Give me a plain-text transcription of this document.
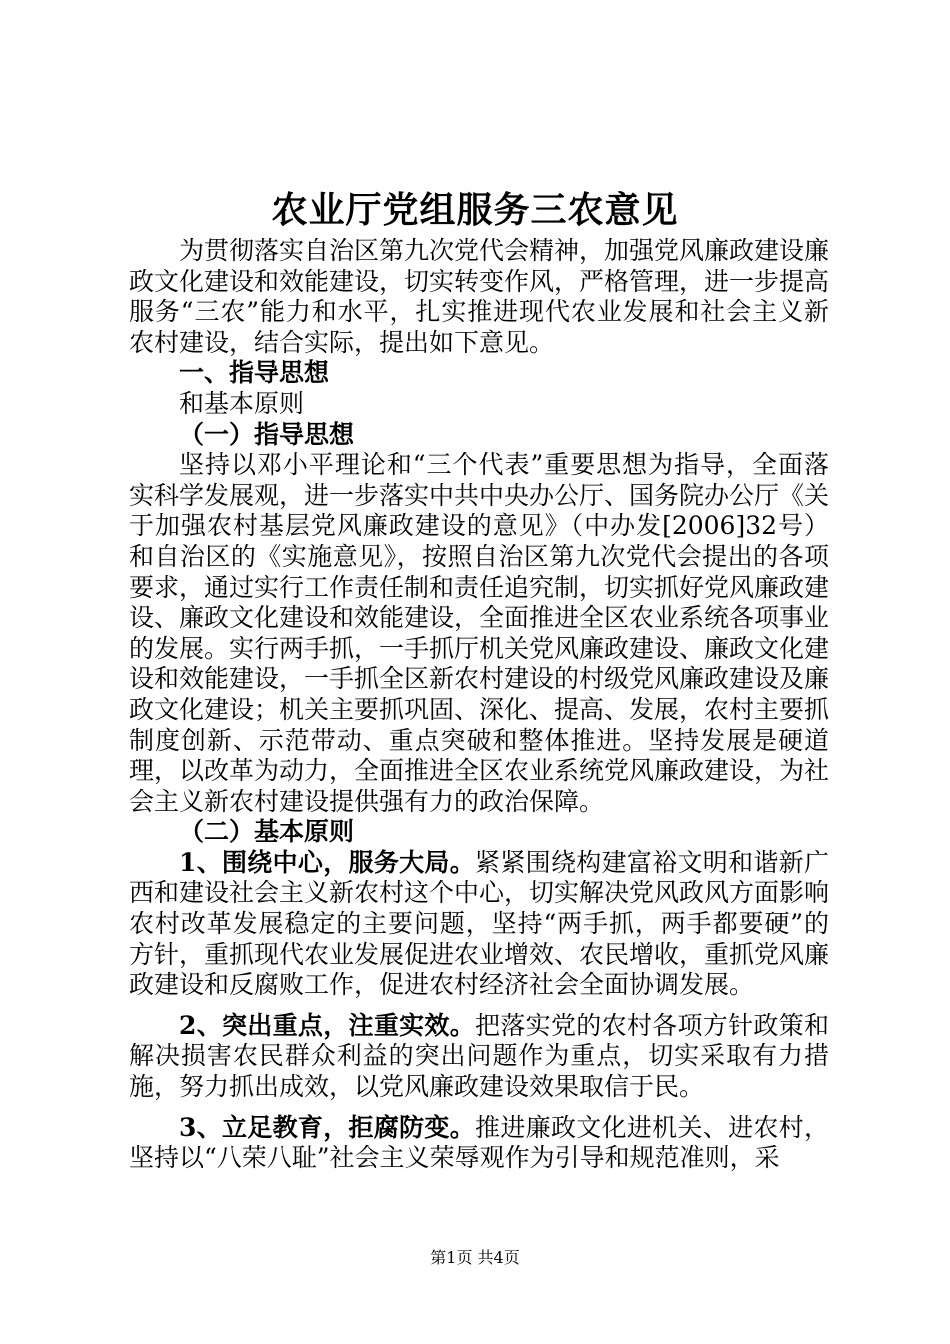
农业厅党组服务三农意见

为贯彻落实自治区第九次党代会精神，加强党风廉政建设廉政文化建设和效能建设，切实转变作风，严格管理，进一步提高服务“三农”能力和水平，扎实推进现代农业发展和社会主义新农村建设，结合实际，提出如下意见。

一、指导思想

和基本原则

（一）指导思想

坚持以邓小平理论和“三个代表”重要思想为指导，全面落实科学发展观，进一步落实中共中央办公厅、国务院办公厅《关于加强农村基层党风廉政建设的意见》（中办发[2006]32号）和自治区的《实施意见》，按照自治区第九次党代会提出的各项要求，通过实行工作责任制和责任追究制，切实抓好党风廉政建设、廉政文化建设和效能建设，全面推进全区农业系统各项事业的发展。实行两手抓，一手抓厅机关党风廉政建设、廉政文化建设和效能建设，一手抓全区新农村建设的村级党风廉政建设及廉政文化建设；机关主要抓巩固、深化、提高、发展，农村主要抓制度创新、示范带动、重点突破和整体推进。坚持发展是硬道理，以改革为动力，全面推进全区农业系统党风廉政建设，为社会主义新农村建设提供强有力的政治保障。

（二）基本原则

1、围绕中心，服务大局。紧紧围绕构建富裕文明和谐新广西和建设社会主义新农村这个中心，切实解决党风政风方面影响农村改革发展稳定的主要问题，坚持“两手抓，两手都要硬”的方针，重抓现代农业发展促进农业增效、农民增收，重抓党风廉政建设和反腐败工作，促进农村经济社会全面协调发展。

2、突出重点，注重实效。把落实党的农村各项方针政策和解决损害农民群众利益的突出问题作为重点，切实采取有力措施，努力抓出成效，以党风廉政建设效果取信于民。

3、立足教育，拒腐防变。推进廉政文化进机关、进农村，坚持以“八荣八耻”社会主义荣辱观作为引导和规范准则，采

第1页 共4页
